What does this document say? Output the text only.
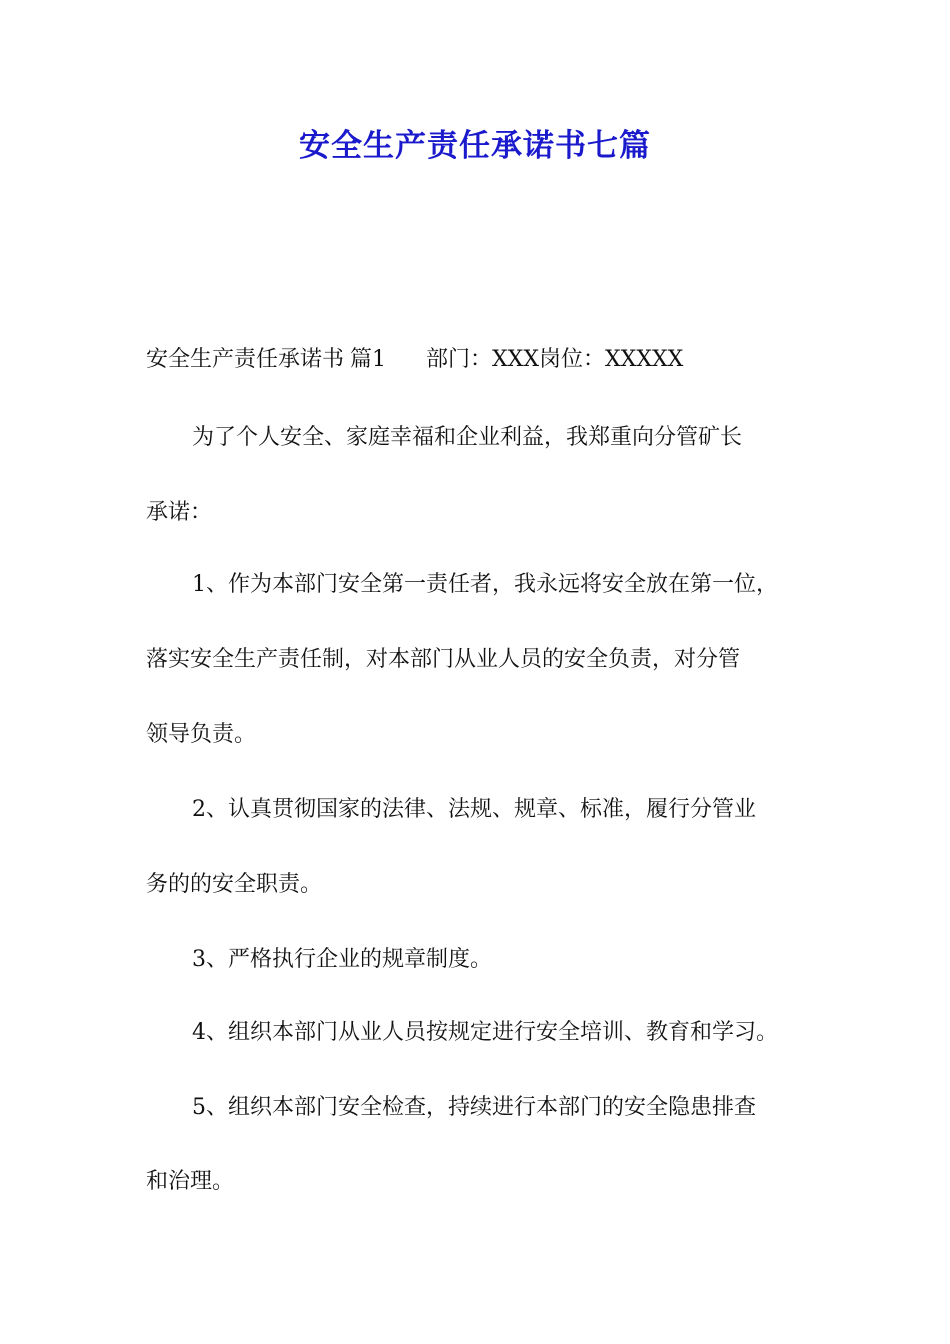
安全生产责任承诺书七篇
安全生产责任承诺书 篇1 部门：XXX岗位：XXXXX

为了个人安全、家庭幸福和企业利益，我郑重向分管矿长

承诺：

1、作为本部门安全第一责任者，我永远将安全放在第一位，

落实安全生产责任制，对本部门从业人员的安全负责，对分管

领导负责。

2、认真贯彻国家的法律、法规、规章、标准，履行分管业

务的的安全职责。

3、严格执行企业的规章制度。

4、组织本部门从业人员按规定进行安全培训、教育和学习。

5、组织本部门安全检查，持续进行本部门的安全隐患排查

和治理。
